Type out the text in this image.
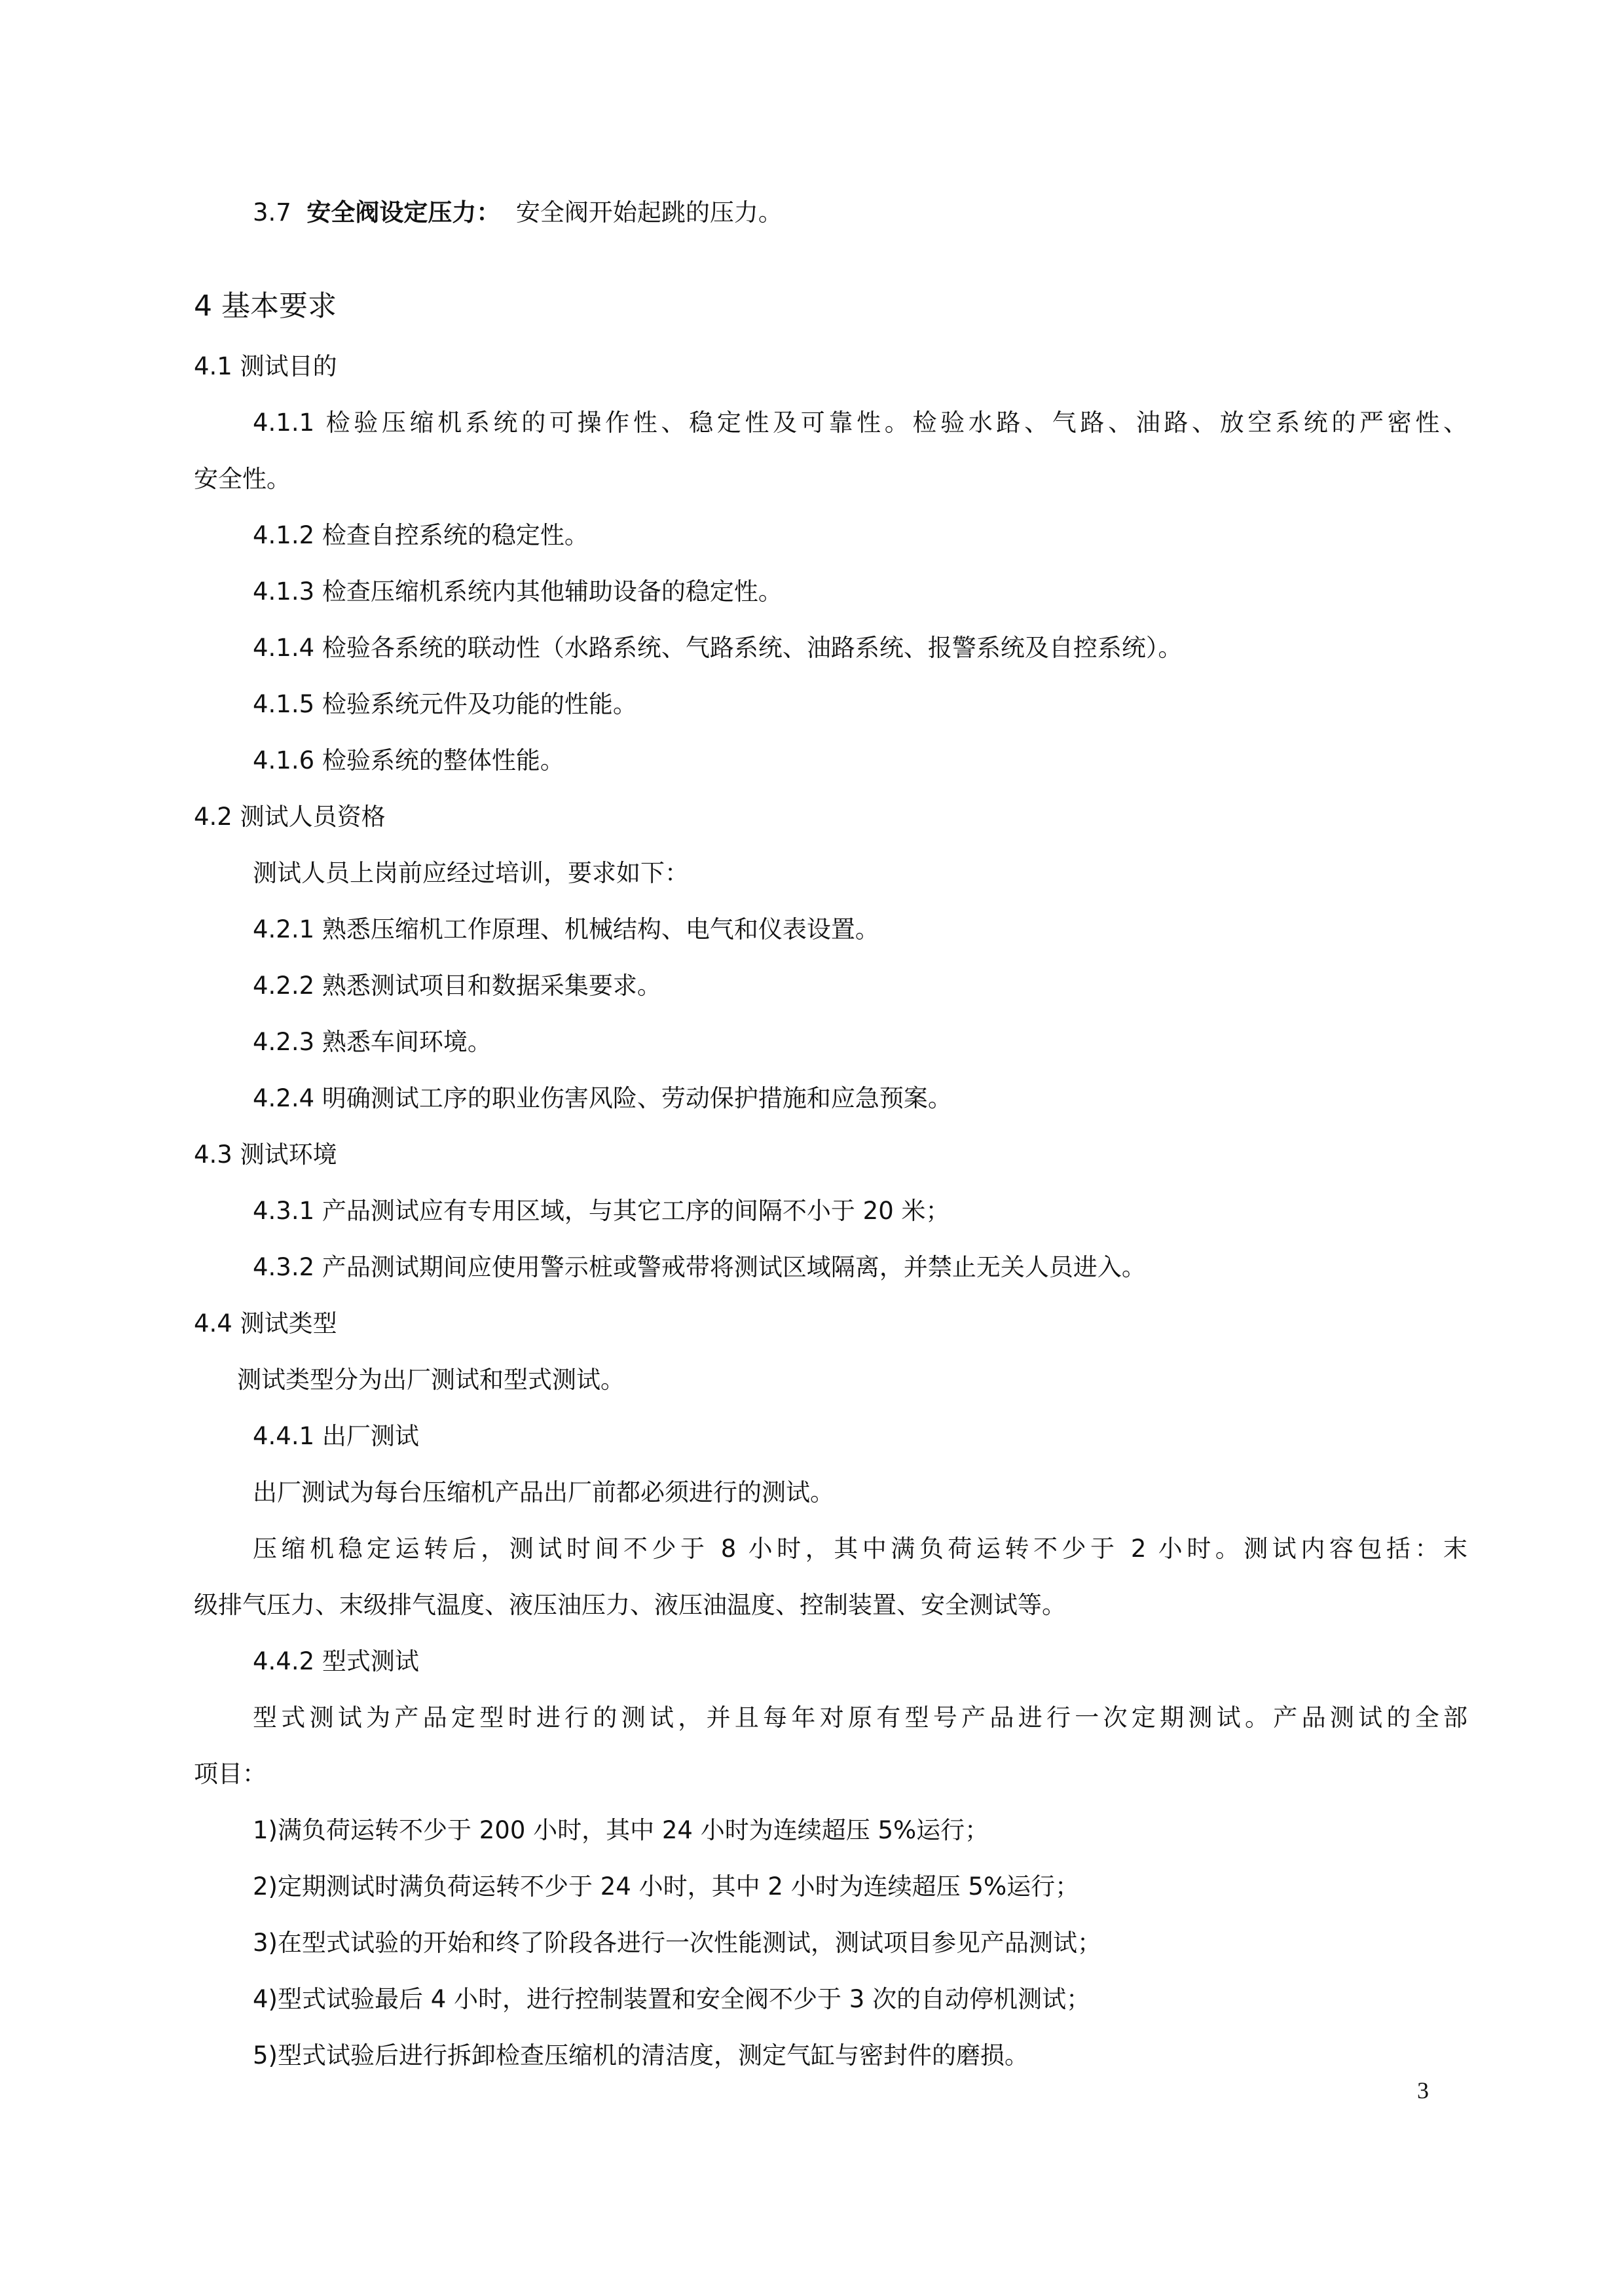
3.7 安全阀设定压力： 安全阀开始起跳的压力。
4 基本要求
4.1 测试目的
4.1.1 检验压缩机系统的可操作性、稳定性及可靠性。检验水路、气路、油路、放空系统的严密性、
安全性。
4.1.2 检查自控系统的稳定性。
4.1.3 检查压缩机系统内其他辅助设备的稳定性。
4.1.4 检验各系统的联动性（水路系统、气路系统、油路系统、报警系统及自控系统）。
4.1.5 检验系统元件及功能的性能。
4.1.6 检验系统的整体性能。
4.2 测试人员资格
测试人员上岗前应经过培训，要求如下：
4.2.1 熟悉压缩机工作原理、机械结构、电气和仪表设置。
4.2.2 熟悉测试项目和数据采集要求。
4.2.3 熟悉车间环境。
4.2.4 明确测试工序的职业伤害风险、劳动保护措施和应急预案。
4.3 测试环境
4.3.1 产品测试应有专用区域，与其它工序的间隔不小于 20 米；
4.3.2 产品测试期间应使用警示桩或警戒带将测试区域隔离，并禁止无关人员进入。
4.4 测试类型
测试类型分为出厂测试和型式测试。
4.4.1 出厂测试
出厂测试为每台压缩机产品出厂前都必须进行的测试。
压缩机稳定运转后，测试时间不少于 8 小时，其中满负荷运转不少于 2 小时。测试内容包括：末
级排气压力、末级排气温度、液压油压力、液压油温度、控制装置、安全测试等。
4.4.2 型式测试
型式测试为产品定型时进行的测试，并且每年对原有型号产品进行一次定期测试。产品测试的全部
项目：
1)满负荷运转不少于 200 小时，其中 24 小时为连续超压 5%运行；
2)定期测试时满负荷运转不少于 24 小时，其中 2 小时为连续超压 5%运行；
3)在型式试验的开始和终了阶段各进行一次性能测试，测试项目参见产品测试；
4)型式试验最后 4 小时，进行控制装置和安全阀不少于 3 次的自动停机测试；
5)型式试验后进行拆卸检查压缩机的清洁度，测定气缸与密封件的磨损。
3
